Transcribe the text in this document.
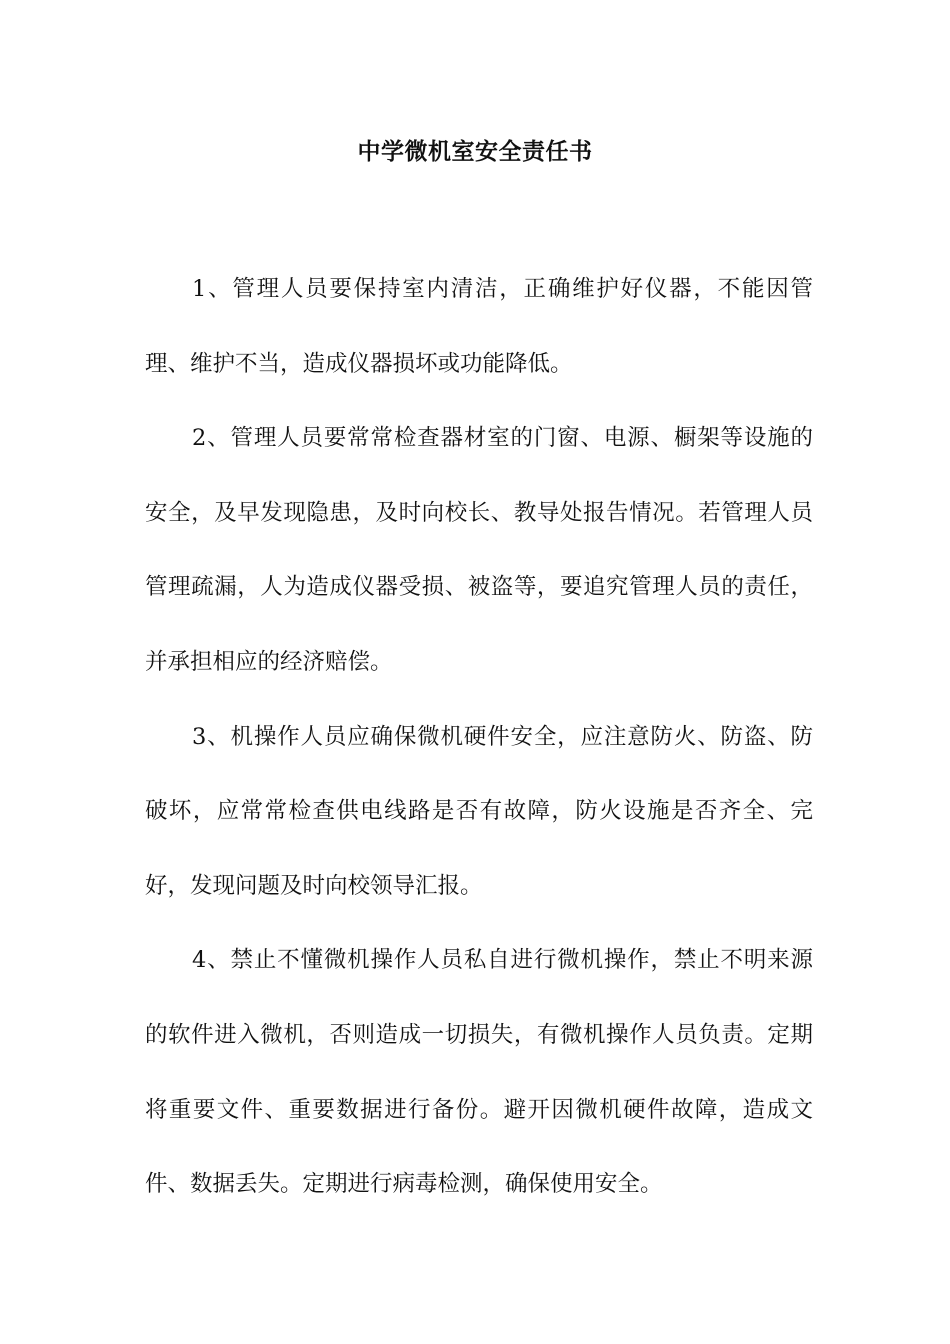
中学微机室安全责任书

1、管理人员要保持室内清洁，正确维护好仪器，不能因管理、维护不当，造成仪器损坏或功能降低。

2、管理人员要常常检查器材室的门窗、电源、橱架等设施的安全，及早发现隐患，及时向校长、教导处报告情况。若管理人员管理疏漏，人为造成仪器受损、被盗等，要追究管理人员的责任，并承担相应的经济赔偿。

3、机操作人员应确保微机硬件安全，应注意防火、防盗、防破坏，应常常检查供电线路是否有故障，防火设施是否齐全、完好，发现问题及时向校领导汇报。

4、禁止不懂微机操作人员私自进行微机操作，禁止不明来源的软件进入微机，否则造成一切损失，有微机操作人员负责。定期将重要文件、重要数据进行备份。避开因微机硬件故障，造成文件、数据丢失。定期进行病毒检测，确保使用安全。
